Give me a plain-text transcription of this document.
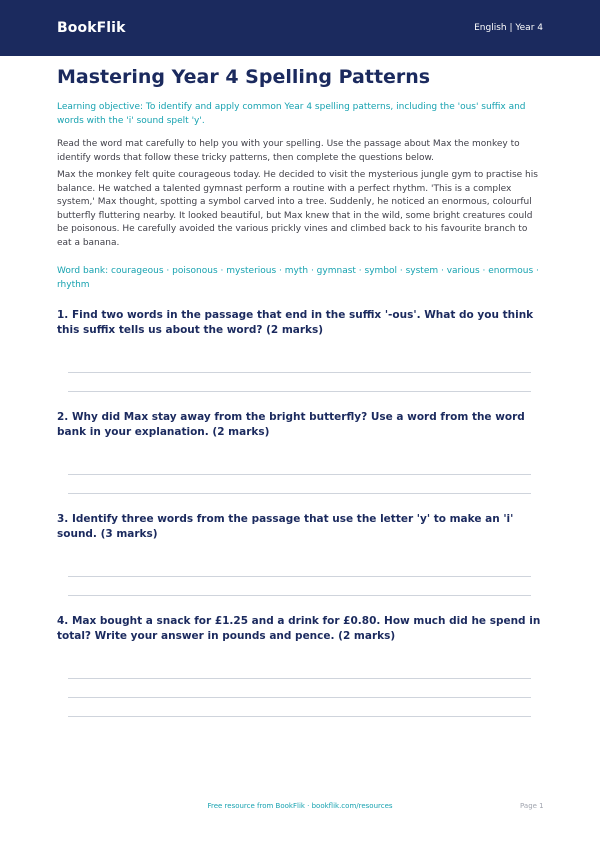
BookFlik	English | Year 4
Mastering Year 4 Spelling Patterns
Learning objective: To identify and apply common Year 4 spelling patterns, including the 'ous' suffix and words with the 'i' sound spelt 'y'.
Read the word mat carefully to help you with your spelling. Use the passage about Max the monkey to identify words that follow these tricky patterns, then complete the questions below.
Max the monkey felt quite courageous today. He decided to visit the mysterious jungle gym to practise his balance. He watched a talented gymnast perform a routine with a perfect rhythm. 'This is a complex system,' Max thought, spotting a symbol carved into a tree. Suddenly, he noticed an enormous, colourful butterfly fluttering nearby. It looked beautiful, but Max knew that in the wild, some bright creatures could be poisonous. He carefully avoided the various prickly vines and climbed back to his favourite branch to eat a banana.
Word bank: courageous · poisonous · mysterious · myth · gymnast · symbol · system · various · enormous · rhythm
1. Find two words in the passage that end in the suffix '-ous'. What do you think this suffix tells us about the word? (2 marks)
2. Why did Max stay away from the bright butterfly? Use a word from the word bank in your explanation. (2 marks)
3. Identify three words from the passage that use the letter 'y' to make an 'i' sound. (3 marks)
4. Max bought a snack for £1.25 and a drink for £0.80. How much did he spend in total? Write your answer in pounds and pence. (2 marks)
Free resource from BookFlik · bookflik.com/resources	Page 1
